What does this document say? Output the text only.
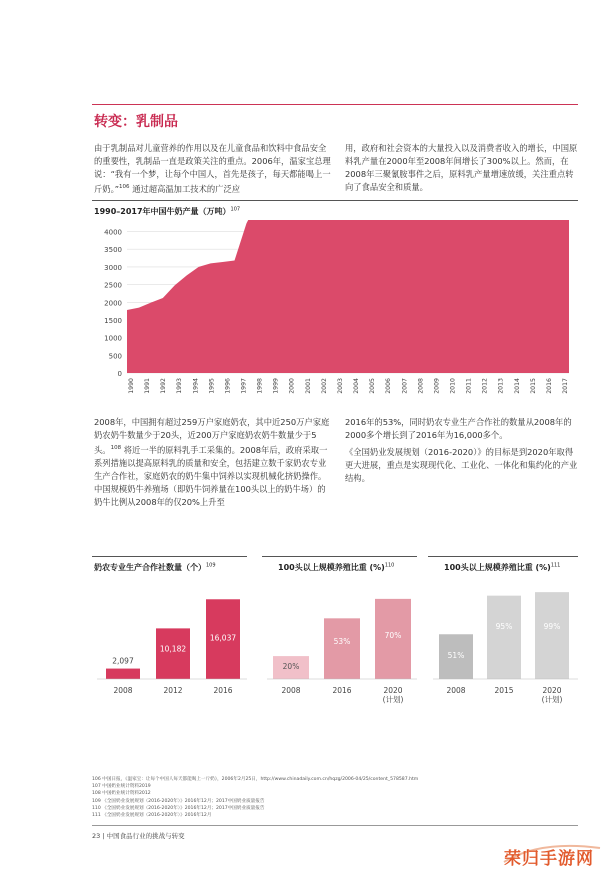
转变：乳制品
由于乳制品对儿童营养的作用以及在儿童食品和饮料中食品安全的重要性，乳制品一直是政策关注的重点。2006年，温家宝总理说：“我有一个梦，让每个中国人，首先是孩子，每天都能喝上一斤奶。”$^{106}$ 通过超高温加工技术的广泛应
用，政府和社会资本的大量投入以及消费者收入的增长，中国原料乳产量在2000年至2008年间增长了300%以上。然而，在2008年三聚氰胺事件之后，原料乳产量增速放缓，关注重点转向了食品安全和质量。
1990–2017年中国牛奶产量（万吨）$^{107}$
0
500
1000
1500
2000
2500
3000
3500
4000
1990 1991 1992 1993 1994 1995 1996 1997 1998 1999 2000 2001 2002 2003 2004 2005 2006 2007 2008 2009 2010 2011 2012 2013 2014 2015 2016 2017
2008年，中国拥有超过259万户家庭奶农，其中近250万户家庭奶农奶牛数量少于20头，近200万户家庭奶农奶牛数量少于5头。$^{108}$ 将近一半的原料乳手工采集的。2008年后，政府采取一系列措施以提高原料乳的质量和安全，包括建立数千家奶农专业生产合作社，家庭奶农的奶牛集中饲养以实现机械化挤奶操作。中国规模奶牛养殖场（即奶牛饲养量在100头以上的奶牛场）的奶牛比例从2008年的仅20%上升至
2016年的53%，同时奶农专业生产合作社的数量从2008年的2000多个增长到了2016年为16,000多个。
《全国奶业发展规划（2016-2020）》的目标是到2020年取得更大进展，重点是实现现代化、工业化、一体化和集约化的产业结构。
奶农专业生产合作社数量（个）$^{109}$
2,097
2008
10,182
2012
16,037
2016
100头以上规模养殖比重 (%)$^{110}$
20%
2008
53%
2016
70%
2020
(计划)
100头以上规模养殖比重 (%)$^{111}$
51%
2008
95%
2015
99%
2020
(计划)
106 中国日报，《温家宝：让每个中国人每天都能喝上一斤奶》，2006年2月25日，http://www.chinadaily.com.cn/hqzg/2006-04/25/content_578587.htm
107 中国奶业统计资料2019
108 中国奶业统计资料2012
109 《全国奶业发展规划（2016-2020年）》2016年12月；2017中国奶业质量报告
110 《全国奶业发展规划（2016-2020年）》2016年12月；2017中国奶业质量报告
111 《全国奶业发展规划（2016-2020年）》2016年12月
23 | 中国食品行业的挑战与转变
荣归手游网
